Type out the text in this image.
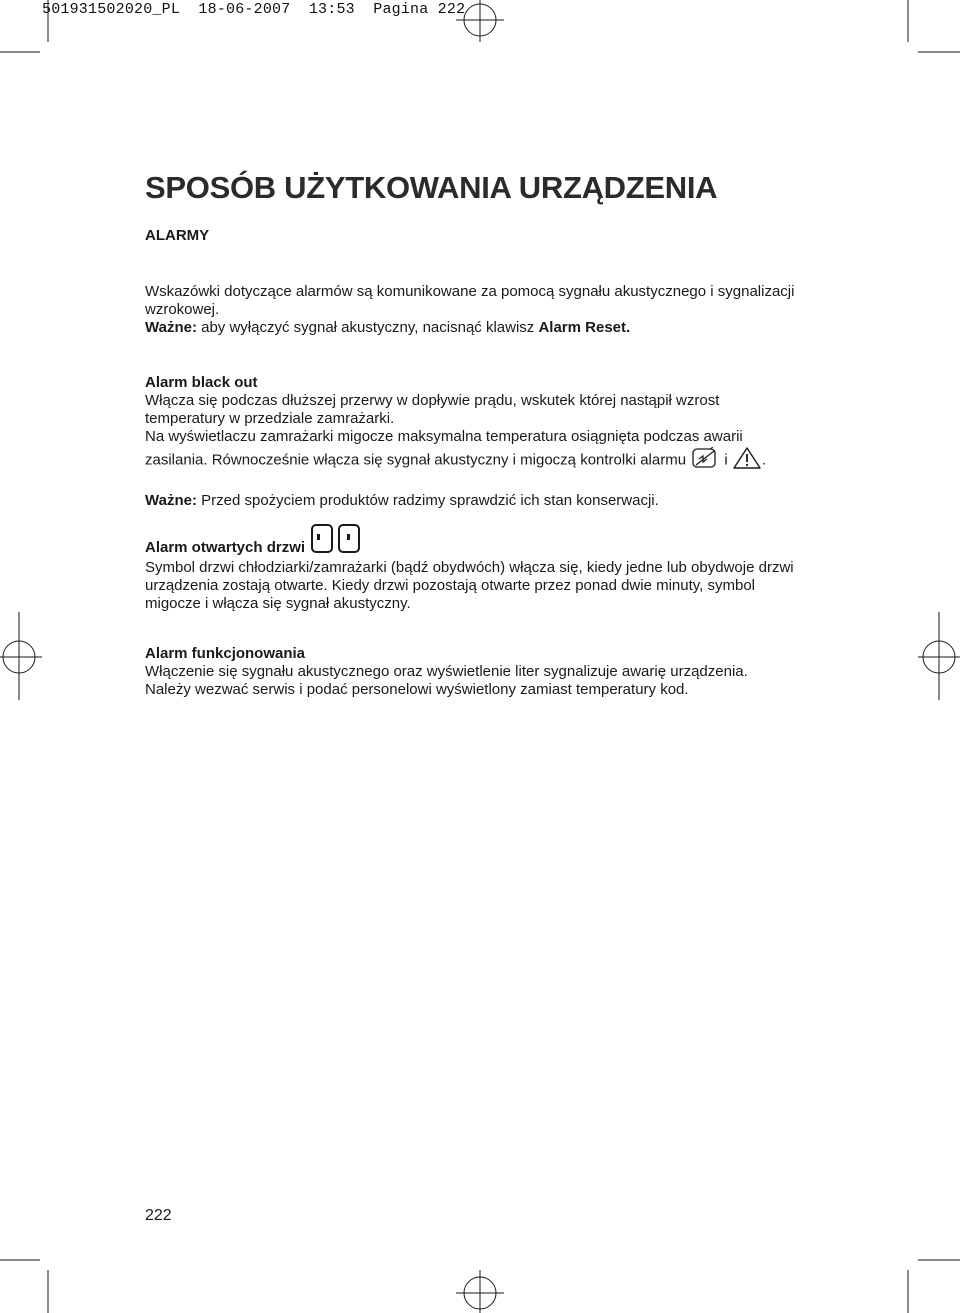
501931502020_PL  18-06-2007  13:53  Pagina 222
SPOSÓB UŻYTKOWANIA URZĄDZENIA
ALARMY

Wskazówki dotyczące alarmów są komunikowane za pomocą sygnału akustycznego i sygnalizacji wzrokowej.

Ważne: aby wyłączyć sygnał akustyczny, nacisnąć klawisz Alarm Reset.

Alarm black out

Włącza się podczas dłuższej przerwy w dopływie prądu, wskutek której nastąpił wzrost temperatury w przedziale zamrażarki.

Na wyświetlaczu zamrażarki migocze maksymalna temperatura osiągnięta podczas awarii zasilania. Równocześnie włącza się sygnał akustyczny i migoczą kontrolki alarmu  i .

Ważne: Przed spożyciem produktów radzimy sprawdzić ich stan konserwacji.

Alarm otwartych drzwi

Symbol drzwi chłodziarki/zamrażarki (bądź obydwóch) włącza się, kiedy jedne lub obydwoje drzwi urządzenia zostają otwarte. Kiedy drzwi pozostają otwarte przez ponad dwie minuty, symbol migocze i włącza się sygnał akustyczny.

Alarm funkcjonowania

Włączenie się sygnału akustycznego oraz wyświetlenie liter sygnalizuje awarię urządzenia. Należy wezwać serwis i podać personelowi wyświetlony zamiast temperatury kod.

222
